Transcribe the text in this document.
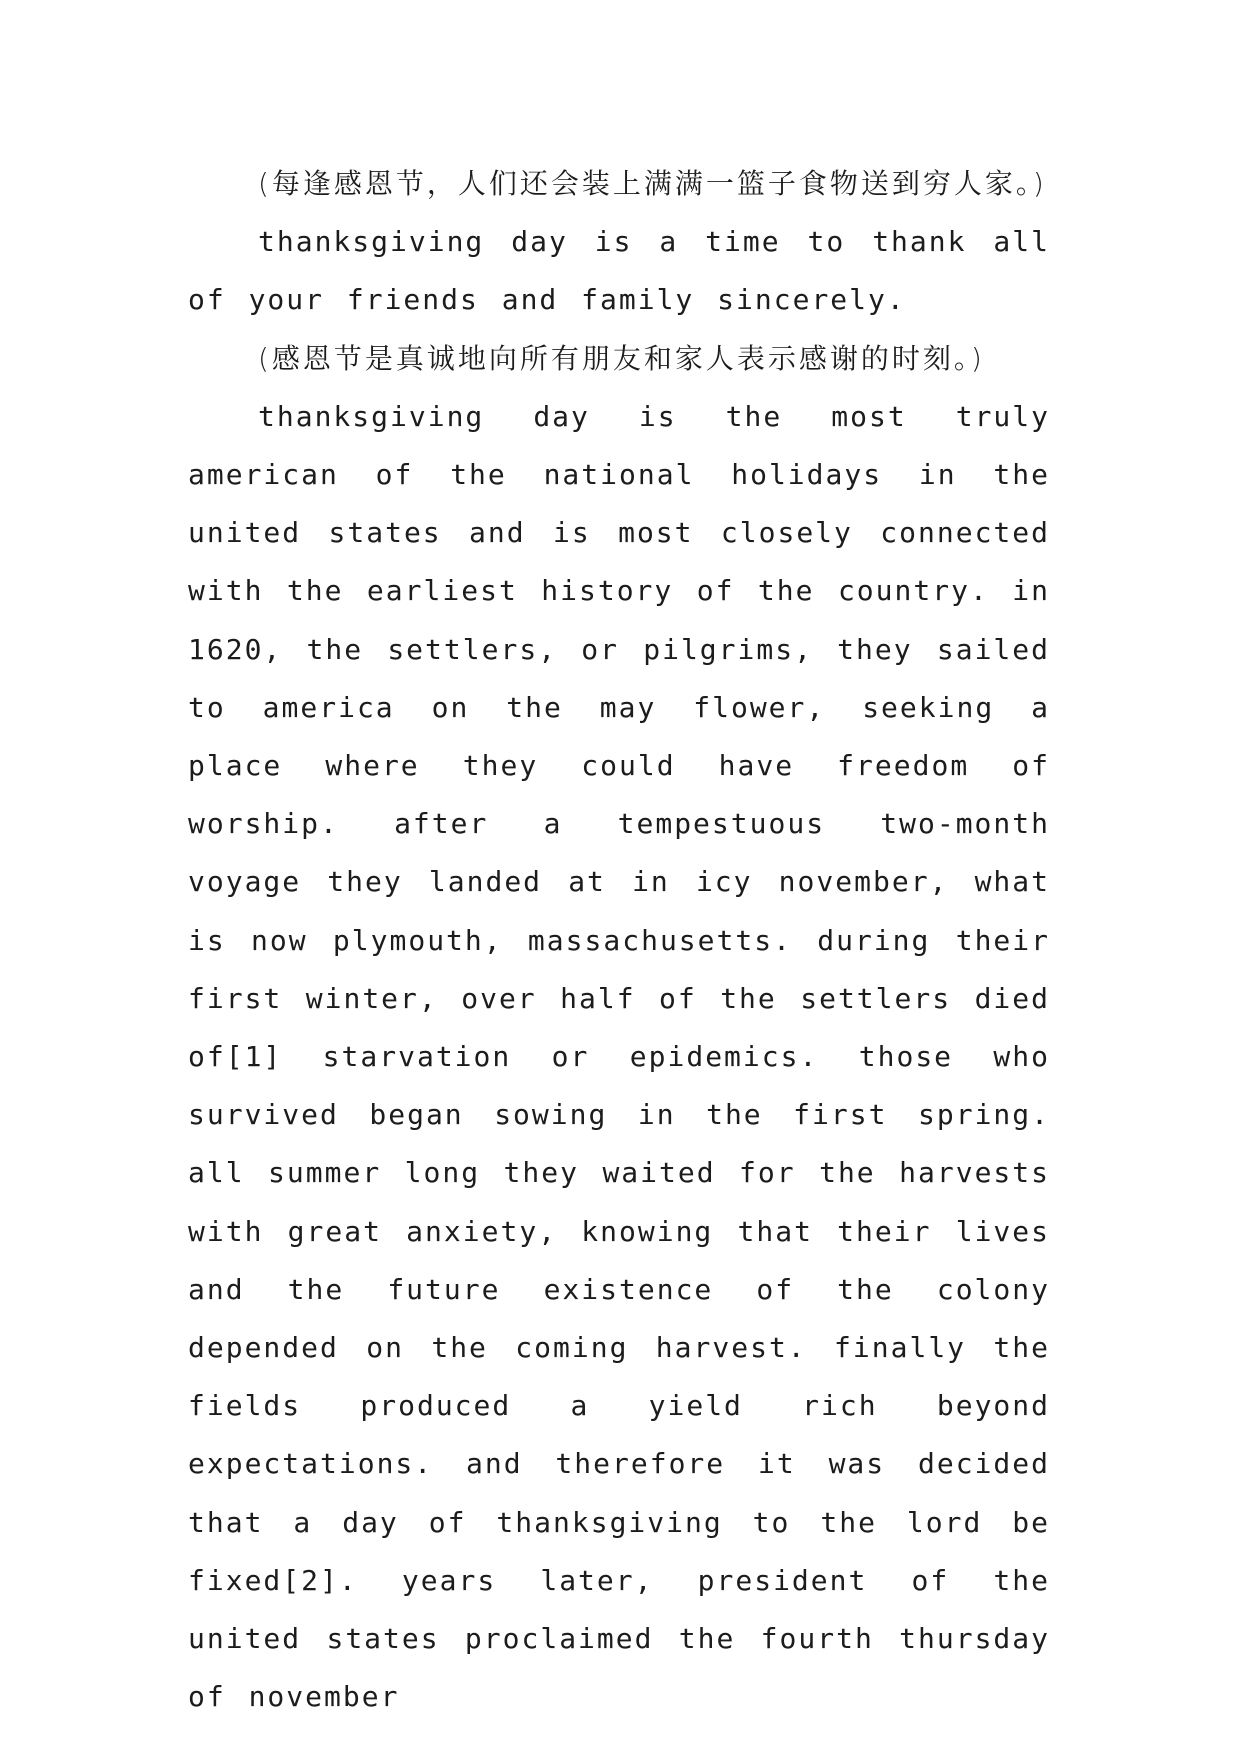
(每逢感恩节，人们还会装上满满一篮子食物送到穷人家。)

thanksgiving day is a time to thank all of your friends and family sincerely.

(感恩节是真诚地向所有朋友和家人表示感谢的时刻。)

thanksgiving day is the most truly american of the national holidays in the united states and is most closely connected with the earliest history of the country. in 1620, the settlers, or pilgrims, they sailed to america on the may flower, seeking a place where they could have freedom of worship. after a tempestuous two-month voyage they landed at in icy november, what is now plymouth, massachusetts. during their first winter, over half of the settlers died of[1] starvation or epidemics. those who survived began sowing in the first spring. all summer long they waited for the harvests with great anxiety, knowing that their lives and the future existence of the colony depended on the coming harvest. finally the fields produced a yield rich beyond expectations. and therefore it was decided that a day of thanksgiving to the lord be fixed[2]. years later, president of the united states proclaimed the fourth thursday of november
